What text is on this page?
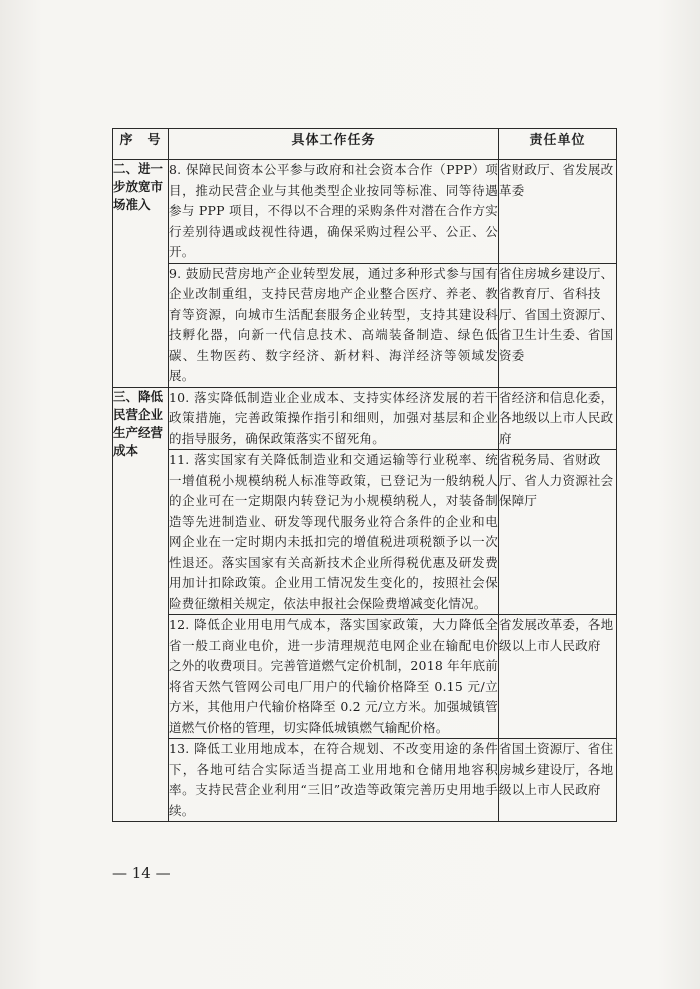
序　号	具体工作任务	责任单位
二、进一步放宽市场准入	8. 保障民间资本公平参与政府和社会资本合作（PPP）项目，推动民营企业与其他类型企业按同等标准、同等待遇参与 PPP 项目，不得以不合理的采购条件对潜在合作方实行差别待遇或歧视性待遇，确保采购过程公平、公正、公开。	省财政厅、省发展改革委
	9. 鼓励民营房地产企业转型发展，通过多种形式参与国有企业改制重组，支持民营房地产企业整合医疗、养老、教育等资源，向城市生活配套服务企业转型，支持其建设科技孵化器，向新一代信息技术、高端装备制造、绿色低碳、生物医药、数字经济、新材料、海洋经济等领域发展。	省住房城乡建设厅、省教育厅、省科技厅、省国土资源厅、省卫生计生委、省国资委
三、降低民营企业生产经营成本	10. 落实降低制造业企业成本、支持实体经济发展的若干政策措施，完善政策操作指引和细则，加强对基层和企业的指导服务，确保政策落实不留死角。	省经济和信息化委，各地级以上市人民政府
	11. 落实国家有关降低制造业和交通运输等行业税率、统一增值税小规模纳税人标准等政策，已登记为一般纳税人的企业可在一定期限内转登记为小规模纳税人，对装备制造等先进制造业、研发等现代服务业符合条件的企业和电网企业在一定时期内未抵扣完的增值税进项税额予以一次性退还。落实国家有关高新技术企业所得税优惠及研发费用加计扣除政策。企业用工情况发生变化的，按照社会保险费征缴相关规定，依法申报社会保险费增减变化情况。	省税务局、省财政厅、省人力资源社会保障厅
	12. 降低企业用电用气成本，落实国家政策，大力降低全省一般工商业电价，进一步清理规范电网企业在输配电价之外的收费项目。完善管道燃气定价机制，2018 年年底前将省天然气管网公司电厂用户的代输价格降至 0.15 元/立方米，其他用户代输价格降至 0.2 元/立方米。加强城镇管道燃气价格的管理，切实降低城镇燃气输配价格。	省发展改革委，各地级以上市人民政府
	13. 降低工业用地成本，在符合规划、不改变用途的条件下，各地可结合实际适当提高工业用地和仓储用地容积率。支持民营企业利用“三旧”改造等政策完善历史用地手续。	省国土资源厅、省住房城乡建设厅，各地级以上市人民政府
— 14 —
